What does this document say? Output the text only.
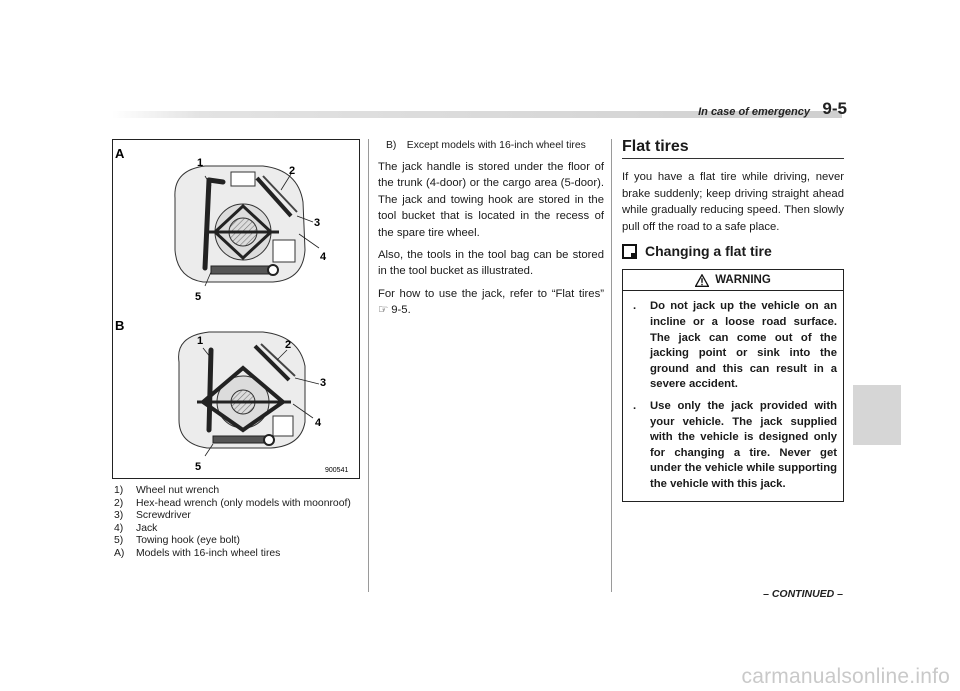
In case of emergency 9-5
A
1
2
3
4
5
B
1	2
3
4
5	900541
1)	Wheel nut wrench
2)	Hex-head wrench (only models with moonroof)
3)	Screwdriver
4)	Jack
5)	Towing hook (eye bolt)
A)	Models with 16-inch wheel tires

B) Except models with 16-inch wheel tires

The jack handle is stored under the floor of the trunk (4-door) or the cargo area (5-door). The jack and towing hook are stored in the tool bucket that is located in the recess of the spare tire wheel.

Also, the tools in the tool bag can be stored in the tool bucket as illustrated.

For how to use the jack, refer to “Flat tires” ☞ 9-5.

Flat tires

If you have a flat tire while driving, never brake suddenly; keep driving straight ahead while gradually reducing speed. Then slowly pull off the road to a safe place.

Changing a flat tire
WARNING
.	Do not jack up the vehicle on an incline or a loose road surface. The jack can come out of the jacking point or sink into the ground and this can result in a severe accident.
.	Use only the jack provided with your vehicle. The jack supplied with the vehicle is designed only for changing a tire. Never get under the vehicle while supporting the vehicle with this jack.
– CONTINUED –
carmanualsonline.info
